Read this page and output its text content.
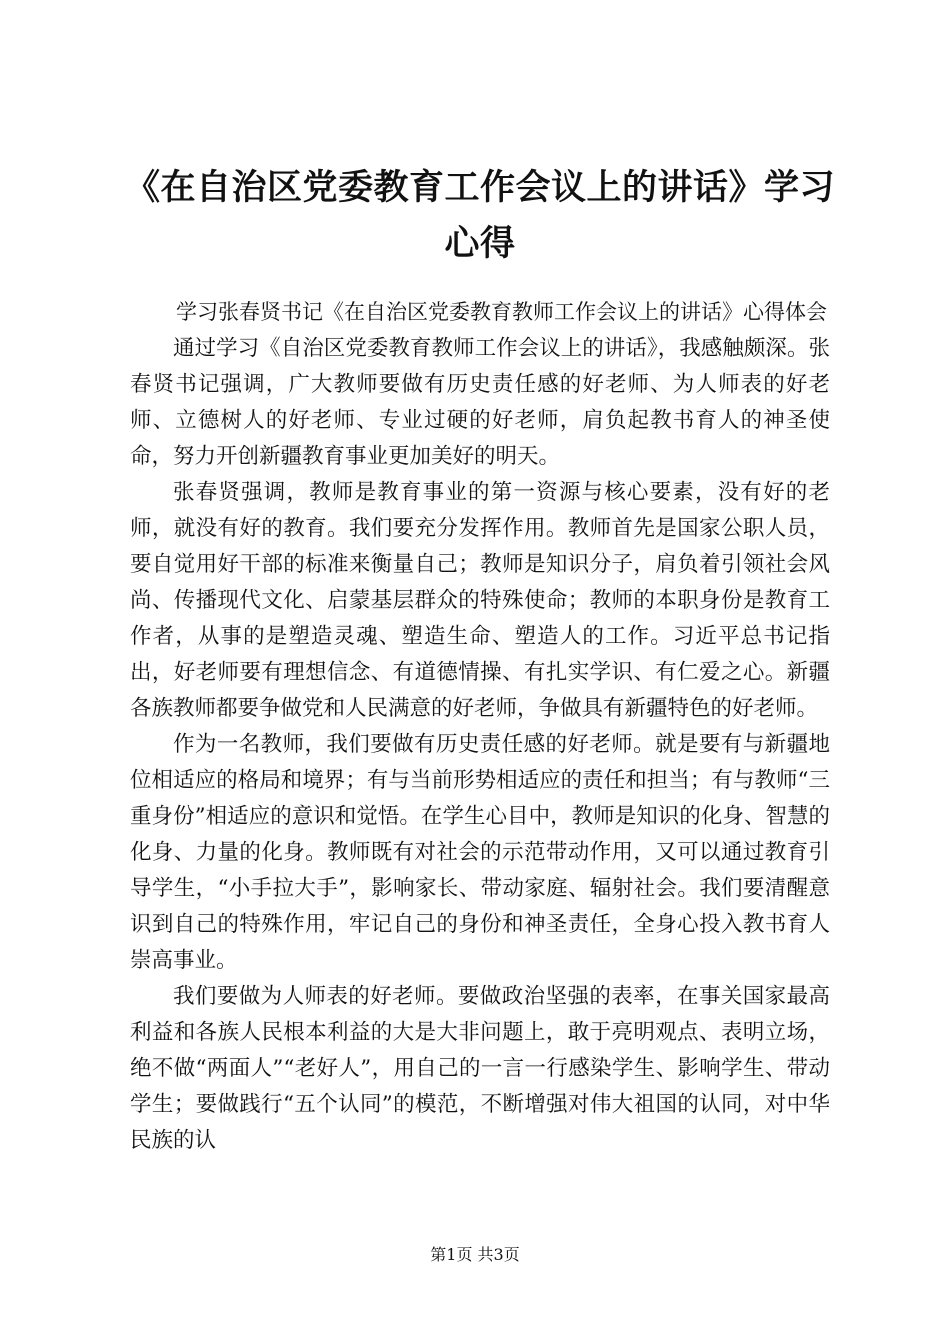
《在自治区党委教育工作会议上的讲话》学习心得

学习张春贤书记《在自治区党委教育教师工作会议上的讲话》心得体会

通过学习《自治区党委教育教师工作会议上的讲话》，我感触颇深。张春贤书记强调，广大教师要做有历史责任感的好老师、为人师表的好老师、立德树人的好老师、专业过硬的好老师，肩负起教书育人的神圣使命，努力开创新疆教育事业更加美好的明天。

张春贤强调，教师是教育事业的第一资源与核心要素，没有好的老师，就没有好的教育。我们要充分发挥作用。教师首先是国家公职人员，要自觉用好干部的标准来衡量自己；教师是知识分子，肩负着引领社会风尚、传播现代文化、启蒙基层群众的特殊使命；教师的本职身份是教育工作者，从事的是塑造灵魂、塑造生命、塑造人的工作。习近平总书记指出，好老师要有理想信念、有道德情操、有扎实学识、有仁爱之心。新疆各族教师都要争做党和人民满意的好老师，争做具有新疆特色的好老师。

作为一名教师，我们要做有历史责任感的好老师。就是要有与新疆地位相适应的格局和境界；有与当前形势相适应的责任和担当；有与教师“三重身份”相适应的意识和觉悟。在学生心目中，教师是知识的化身、智慧的化身、力量的化身。教师既有对社会的示范带动作用，又可以通过教育引导学生，“小手拉大手”，影响家长、带动家庭、辐射社会。我们要清醒意识到自己的特殊作用，牢记自己的身份和神圣责任，全身心投入教书育人崇高事业。

我们要做为人师表的好老师。要做政治坚强的表率，在事关国家最高利益和各族人民根本利益的大是大非问题上，敢于亮明观点、表明立场，绝不做“两面人”“老好人”，用自己的一言一行感染学生、影响学生、带动学生；要做践行“五个认同”的模范，不断增强对伟大祖国的认同，对中华民族的认

第1页 共3页
